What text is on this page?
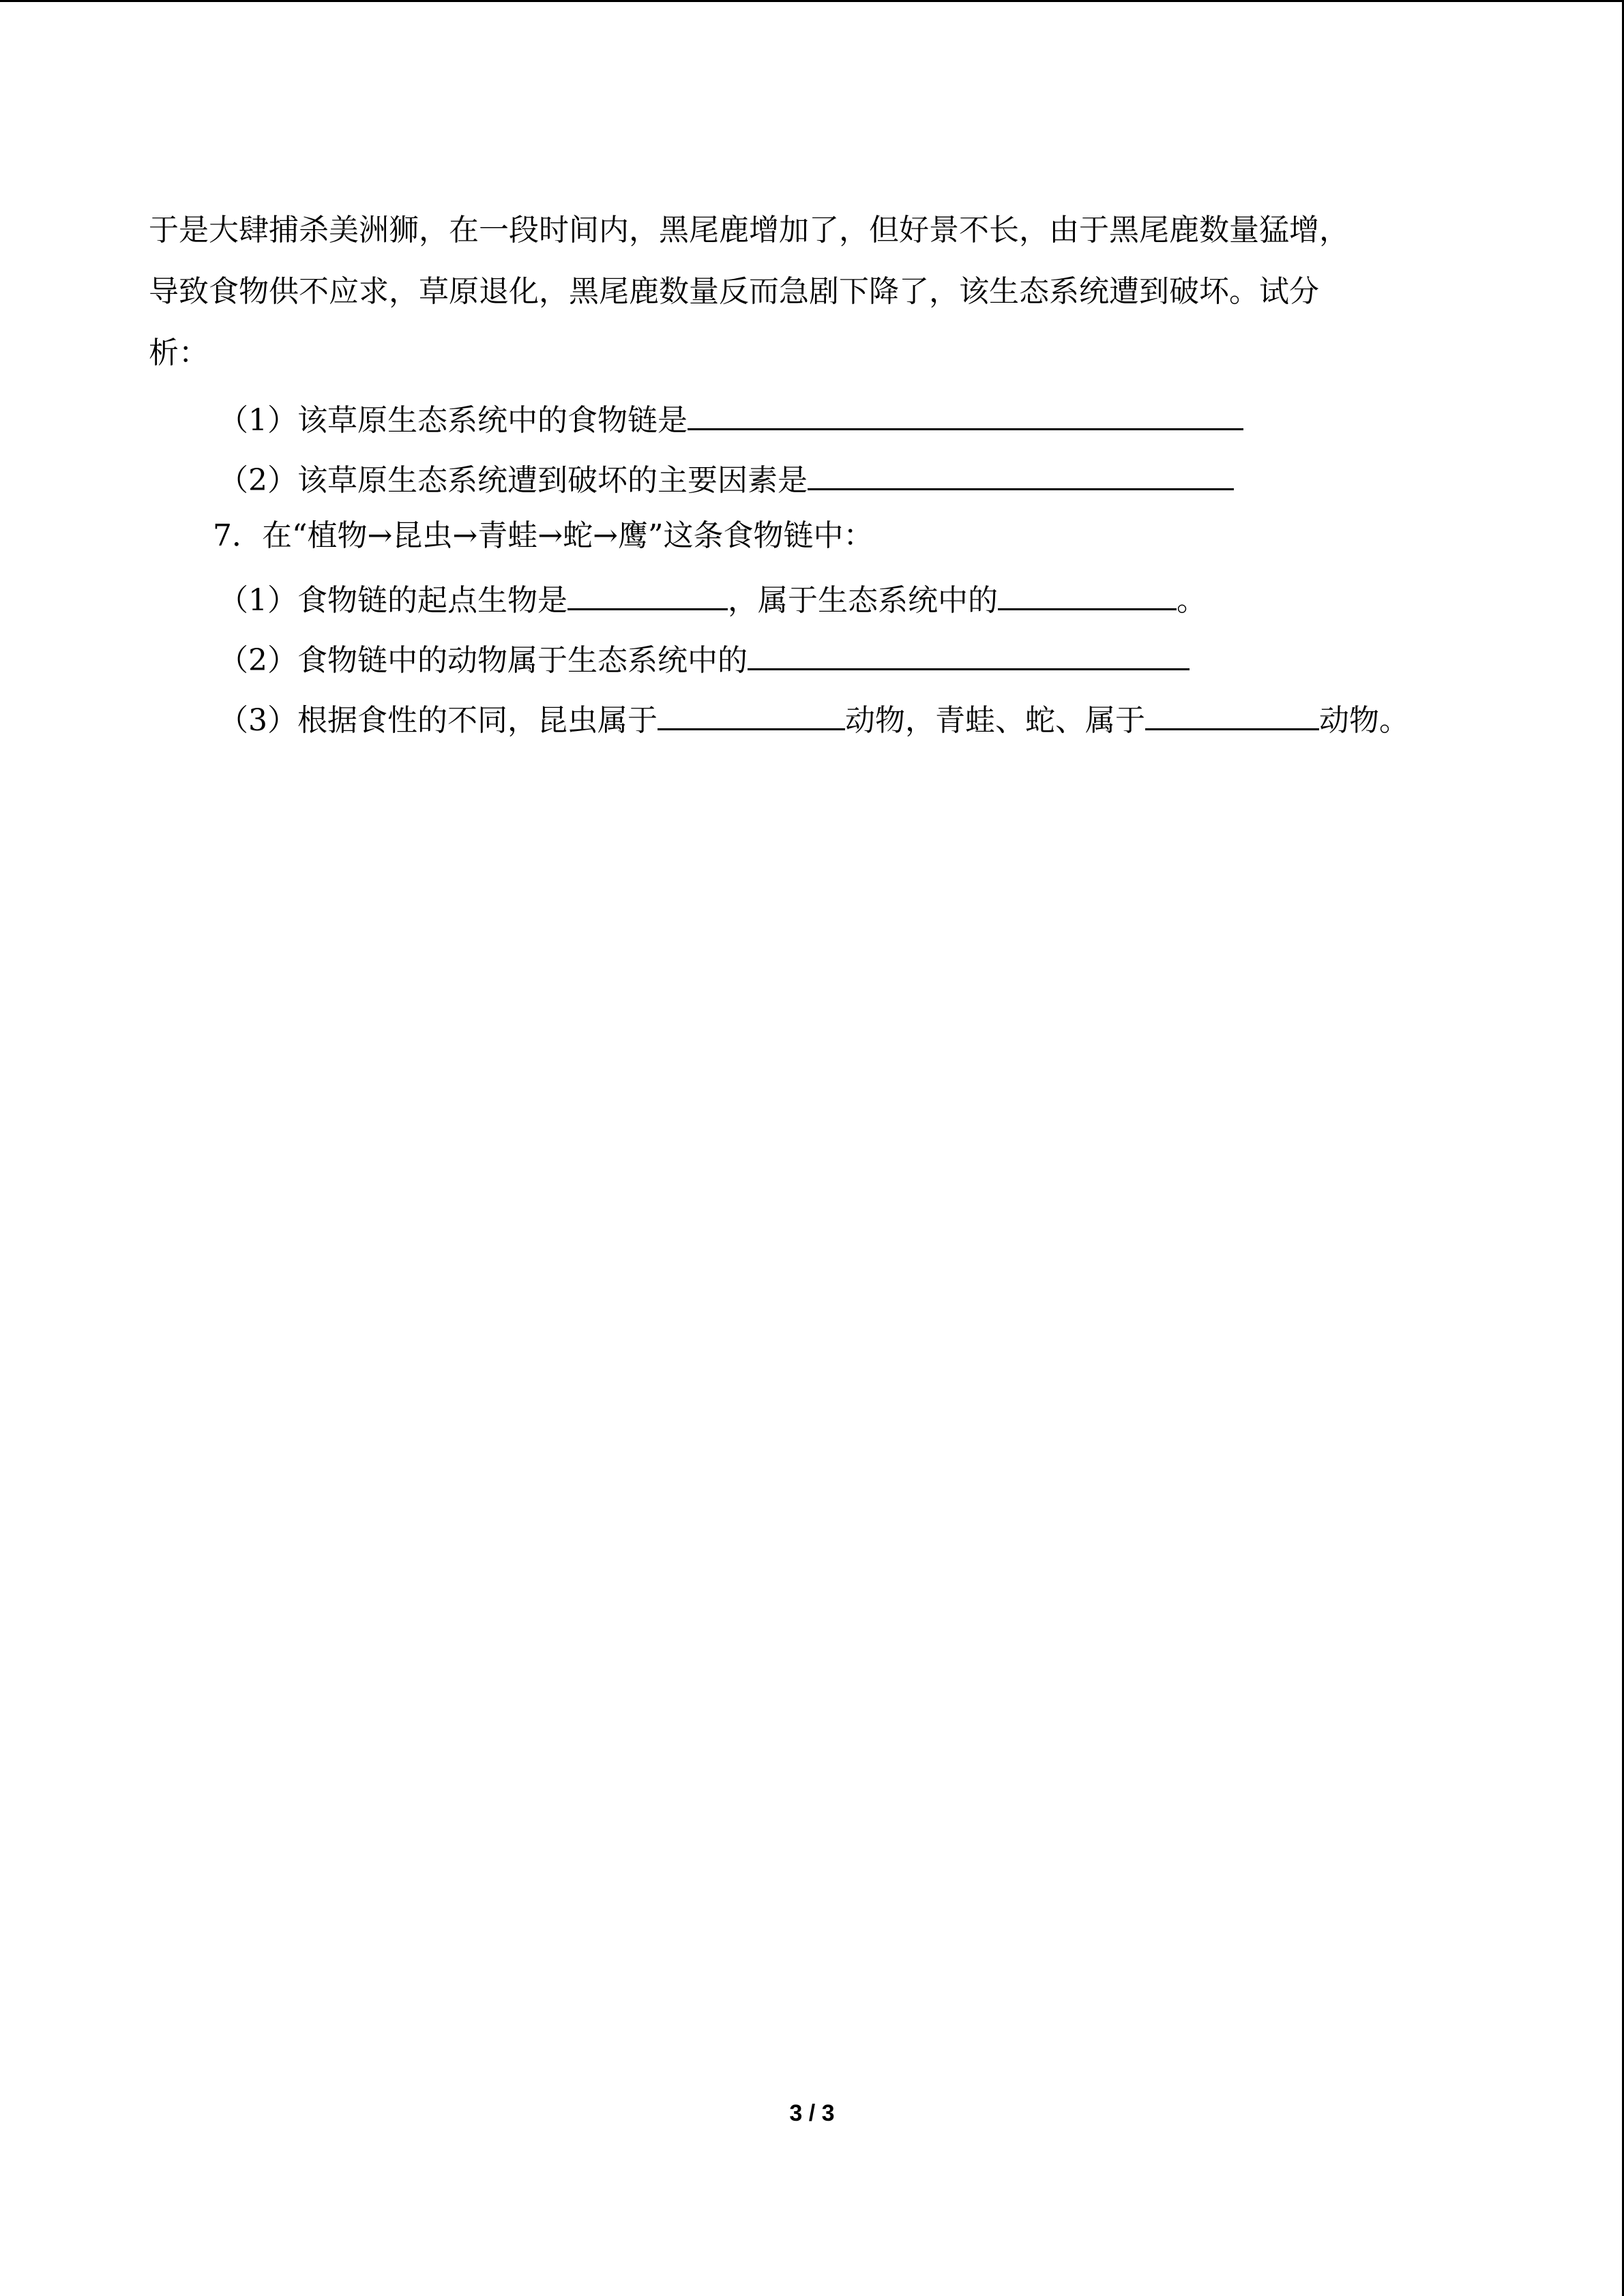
于是大肆捕杀美洲狮，在一段时间内，黑尾鹿增加了，但好景不长，由于黑尾鹿数量猛增，
导致食物供不应求，草原退化，黑尾鹿数量反而急剧下降了，该生态系统遭到破坏。试分
析：
（1）该草原生态系统中的食物链是
（2）该草原生态系统遭到破坏的主要因素是
7．在“植物→昆虫→青蛙→蛇→鹰”这条食物链中：
（1）食物链的起点生物是	，属于生态系统中的	。
（2）食物链中的动物属于生态系统中的
（3）根据食性的不同，昆虫属于	动物，青蛙、蛇、属于	动物。
3 / 3
